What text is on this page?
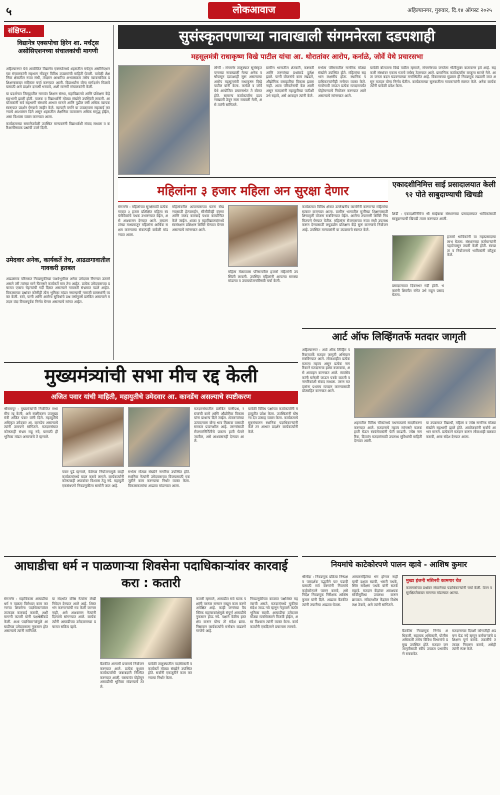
५	लोकआवाज	अहिल्यानगर, गुरुवार, दि.१४ ऑगस्ट २०२५
संक्षिप्त..
विद्यानेत्र एक्सपोचा हिरेन शा. मर्चंट्स असोसिएशनच्या संचालकांची मागणी

अहिल्यानगर येथे आयोजित विद्यानेत्र एक्सपोमध्ये शहरातील मर्चंट्स असोसिएशनच्या संचालकांनी सहभाग नोंदवून विविध उपक्रमांची माहिती घेतली. यावेळी शैक्षणिक क्षेत्रातील नव्या संधी, तंत्रज्ञान आधारित अभ्यासक्रम तसेच व्यावसायिक प्रशिक्षणाबाबत सविस्तर चर्चा करण्यात आली. विद्यार्थ्यांना योग्य मार्गदर्शन मिळावे यासाठी असे प्रदर्शन दरवर्षी भरवावे, अशी मागणी संचालकांनी केली.

या प्रदर्शनात जिल्ह्यातील नामवंत शिक्षण संस्था, महाविद्यालये आणि प्रशिक्षण केंद्रे सहभागी झाली होती. पालक व विद्यार्थ्यांनी मोठ्या संख्येने उपस्थिती लावली. आयोजकांनी सर्व सहभागी संस्थांचे आभार मानले आणि पुढील वर्षी अधिक व्यापक स्वरूपात प्रदर्शन घेण्याचे जाहीर केले. व्यापारी वर्गाने या उपक्रमाला सहकार्य करण्याचे आश्वासन दिले असून शहरातील शैक्षणिक वातावरण अधिक समृद्ध होईल, असा विश्वास व्यक्त करण्यात आला.

कार्यक्रमाच्या समारोपावेळी उपस्थित मान्यवरांनी विद्यार्थ्यांशी संवाद साधला व करिअरविषयक प्रश्नांची उत्तरे दिली.

उमेदवार अनेक, कार्यकर्ते तेच, आढळगावातील गावकरी हतबल

आढळगाव परिसरात निवडणुकीच्या पार्श्वभूमीवर अनेक उमेदवार रिंगणात उतरले असले तरी त्यांच्या मागे फिरणारे कार्यकर्ते मात्र तेच आहेत. प्रत्येक उमेदवाराच्या प्रचारात एकाच चेहऱ्यांची गर्दी दिसत असल्याने गावकरी संभ्रमात पडले आहेत. विकासाच्या प्रश्नांवर कोणीही ठोस भूमिका मांडत नसल्याची नाराजी ग्रामस्थांनी व्यक्त केली. रस्ते, पाणी आणि आरोग्य सुविधांचे प्रश्न वर्षानुवर्षे प्रलंबित असल्याने मतदार यंदा विचारपूर्वक निर्णय घेणार असल्याचे सांगत आहेत.

सुसंस्कृतपणाच्या नावाखाली संगमनेरला दडपशाही
महसूलमंत्री राधाकृष्ण विखे पाटील यांचा आ. थोरातांवर आरोप, कर्नाळे, जोर्वे येथे प्रचारसभा

लोणी : संगमनेर तालुक्यात सुसंस्कृतपणाच्या नावाखाली गेल्या अनेक वर्षांपासून दडपशाही सुरू असल्याचा आरोप महसूलमंत्री राधाकृष्ण विखे पाटील यांनी केला. कर्नाळे व जोर्वे येथे आयोजित प्रचारसभेत ते बोलत होते. सामान्य कार्यकर्त्यांना दडपणाखाली ठेवून सत्ता राबवली गेली, असे त्यांनी सांगितले.

ग्रामीण भागातील शेतकरी, कष्टकरी आणि तरुणांच्या प्रश्नांकडे दुर्लक्ष झाले. पाणी योजनांचे काम रखडले, औद्योगिक वसाहतीचा विकास झाला नाही. आता परिवर्तनाची वेळ आली असून मतदारांनी महायुतीच्या पाठीशी उभे राहावे, असे आवाहन त्यांनी केले.

सभेला परिसरातील नागरिक मोठ्या संख्येने उपस्थित होते. महिलांचा सहभाग लक्षणीय होता. स्थानिक पदाधिकाऱ्यांनीही मनोगत व्यक्त केले. गावोगावी जाऊन प्रत्येक मतदारापर्यंत पोहोचण्याचे नियोजन करण्यात आले असल्याचे सांगण्यात आले.

यावेळी बोलताना विखे पाटील म्हणाले, संगमनेरच्या जनतेला भीतीमुक्त वातावरण हवे आहे. सहकारी संस्थांवर एकाच गटाचे वर्चस्व ठेवण्यात आले. प्रामाणिक कार्यकर्त्यांना बाजूला सारले गेले. आता जनता बदल घडवण्याच्या मनःस्थितीत आहे. विकासाच्या मुद्यावर ही निवडणूक लढवली जात असून मतदार योग्य निर्णय घेतील. कार्यक्रमाच्या सुरुवातीला गावकऱ्यांनी स्वागत केले. अनेक कार्यकर्त्यांनी यावेळी प्रवेश केला.

महिलांना ३ हजार महिला अन सुरक्षा देणार

संगमनेर : महिलांच्या सुरक्षेसाठी प्रत्येक गावात ३ हजार प्रशिक्षित महिला स्वयंसेविकांचे पथक उभारण्यात येईल, असे आश्वासन देण्यात आले. बचतगटांच्या माध्यमातून महिलांना आर्थिक सक्षम करण्याचा संकल्पही यावेळी मांडण्यात आला.

महिलांवरील अत्याचाराच्या घटना रोखण्यासाठी हेल्पलाईन, सीसीटीव्ही यंत्रणा आणि जलद कारवाई पथक कार्यान्वित केले जाईल. शाळा व महाविद्यालयांमध्ये स्वसंरक्षण प्रशिक्षण शिबिरे घेण्यात येणार असल्याचे सांगण्यात आले.

महिला मेळाव्यास परिसरातील हजारो महिलांनी उपस्थिती लावली. उपस्थित महिलांनी आपल्या समस्या मांडल्या व उपाययोजनांविषयी चर्चा केली.

कार्यक्रमात विविध क्षेत्रात उल्लेखनीय कामगिरी करणाऱ्या महिलांचा सत्कार करण्यात आला. ग्रामीण भागातील मुलींच्या शिक्षणासाठी शिष्यवृत्ती योजना राबविण्यात येईल. आरोग्य तपासणी शिबिरे नियमितपणे घेण्यात येतील. महिलांना रोजगाराच्या नव्या संधी उपलब्ध करून देण्यासाठी लघुउद्योग प्रशिक्षण केंद्रे सुरू करण्याचे नियोजन आहे. उपस्थित मान्यवरांनी या उपक्रमाचे स्वागत केले.

एकादशीनिमित्त साई प्रसादालयात केली ९२ पोते साबुदाण्याची खिचडी

शिर्डी : एकादशीनिमित्त श्री साईबाबा संस्थानच्या प्रसादालयात भाविकांसाठी साबुदाण्याची खिचडी तयार करण्यात आली.

हजारो भाविकांनी या महाप्रसादाचा लाभ घेतला. संस्थानच्या कर्मचाऱ्यांनी पहाटेपासून तयारी केली होती. स्वच्छता व नियोजनाचे भाविकांनी कौतुक केले.

प्रसादालयात दिवसभर गर्दी होती. भक्तांनी शिस्तीत रांगेत उभे राहून प्रसाद घेतला.

आर्ट ऑफ लिव्हिंगतर्फे मतदार जागृती

अहिल्यानगर : आर्ट ऑफ लिव्हिंग परिवारातर्फे मतदार जागृती अभियान राबविण्यात आले. लोकशाहीत प्रत्येक मताला महत्त्व असून प्रत्येक नागरिकाने मतदानाचा हक्क बजावावा, असे आवाहन करण्यात आले. स्वयंसेवकांनी घरोघरी जाऊन पत्रके वाटली व नागरिकांशी संवाद साधला. तरुण मतदारांना प्रथमच मतदान करण्यासाठी प्रोत्साहित करण्यात आले.

शहरातील विविध चौकांमध्ये पथनाट्याचे सादरीकरण करण्यात आले. मतदानाचे महत्त्व सांगणारे फलक हाती घेऊन स्वयंसेवकांनी फेरी काढली. ज्येष्ठ नागरिक, दिव्यांग मतदारांसाठी उपलब्ध सुविधांची माहिती देण्यात आली.

या उपक्रमात विद्यार्थी, महिला व ज्येष्ठ नागरिक मोठ्या संख्येने सहभागी झाले होते. आयोजकांनी सर्वांचे आभार मानले. प्रत्येकाने मतदान करून लोकशाही बळकट करावी, असा संदेश देण्यात आला.

मुख्यमंत्र्यांची सभा मीच रद्द केली
अजित पवार यांची माहिती, महायुतीचे उमेदवार आ. कानडेंच असल्याचे स्पष्टीकरण

श्रीरामपूर : मुख्यमंत्र्यांची नियोजित सभा मीच रद्द केली, असे स्पष्टीकरण उपमुख्यमंत्री अजित पवार यांनी दिले. महायुतीचे अधिकृत उमेदवार आ. कानडेच असल्याचे त्यांनी ठामपणे सांगितले. मतदारसंघात कोणताही संभ्रम राहू नये, यासाठी ही भूमिका मांडत असल्याचे ते म्हणाले.

पवार पुढे म्हणाले, वेळेच्या नियोजनामुळे काही कार्यक्रमांमध्ये बदल करावे लागले. कार्यकर्त्यांनी कोणत्याही अफवांवर विश्वास ठेवू नये. महायुती एकसंधपणे निवडणुकीला सामोरी जात आहे.

सभेला मोठ्या संख्येने नागरिक उपस्थित होते. स्थानिक नेत्यांनी उमेदवाराच्या विजयासाठी एकजुटीने काम करण्याचा निर्धार व्यक्त केला. विकासकामांचा आढावा मांडण्यात आला.

मतदारसंघातील प्रलंबित पाणीप्रश्न, रस्त्यांची कामे आणि औद्योगिक विकास यांना प्राधान्य दिले जाईल. शेतकऱ्यांच्या उत्पादनाला योग्य भाव मिळावा यासाठी सरकार प्रयत्नशील आहे. तरुणांसाठी रोजगारनिर्मितीचे प्रकल्प हाती घेतले जातील, असे आश्वासनही देण्यात आले.

यावेळी विविध पक्षांच्या कार्यकर्त्यांनी महायुतीत प्रवेश केला. उपस्थितांनी घोषणा देत उत्साह व्यक्त केला. कार्यक्रमाचे सूत्रसंचालन स्थानिक पदाधिकाऱ्यांनी केले तर आभार प्रदर्शन कार्यकर्त्यांनी केले.

आघाडीचा धर्म न पाळणाऱ्या शिवसेना पदाधिकाऱ्यांवर कारवाई करा : कतारी

संगमनेर : महाविकास आघाडीचा धर्म न पाळता विरोधात काम करणाऱ्या शिवसेना पदाधिकाऱ्यांवर तात्काळ कारवाई करावी, अशी मागणी कतारी यांनी पक्षश्रेष्ठींकडे केली. अशा पदाधिकाऱ्यांमुळे आघाडीच्या उमेदवाराला नुकसान होत असल्याचे त्यांनी सांगितले.

या संदर्भात वरिष्ठ नेत्यांना लेखी निवेदन देण्यात आले आहे. शिस्तभंग करणाऱ्यांची गय केली जाणार नाही, असे आश्वासन नेत्यांनी दिल्याचे सांगण्यात आले. कार्यकर्त्यांनी आघाडीच्या उमेदवाराच्या प्रचारात सक्रिय व्हावे.

बैठकीत आगामी प्रचाराचे नियोजन करण्यात आले. प्रत्येक बूथवर कार्यकर्त्यांची जबाबदारी निश्चित करण्यात आली. घराघरांत पोहोचून आघाडीची भूमिका मांडण्याचे ठरले.

यावेळी तालुक्यातील पदाधिकारी व कार्यकर्ते मोठ्या संख्येने उपस्थित होते. सर्वांनी एकजुटीने काम करण्याचा निर्धार केला.

कतारी म्हणाले, आघाडीत सर्व घटक पक्षांनी परस्पर सन्मान राखून काम करणे अपेक्षित आहे. काही जणांच्या वैयक्तिक महत्त्वाकांक्षेमुळे संपूर्ण आघाडीचे नुकसान होऊ नये. पक्षाने वेळीच हस्तक्षेप करून योग्य तो संदेश द्यावा. निष्ठावान कार्यकर्त्यांचे मनोबल वाढवणे गरजेचे आहे.

निवडणुकीच्या काळात पक्षशिस्त महत्त्वाची असते. मतदारांमध्ये चुकीचा संदेश जाऊ नये म्हणून नेतृत्वाने कठोर भूमिका घ्यावी. आघाडीचा उमेदवार मोठ्या मताधिक्याने विजयी होईल, असा विश्वास त्यांनी व्यक्त केला. कार्यकर्त्यांनी एकदिलाने प्रचाराला लागावे.

नियमांचे काटेकोरपणे पालन व्हावे - आशिष कुमार

श्रीगोंदा : निवडणूक प्रक्रिया निष्पक्ष व पारदर्शक पद्धतीने पार पडावी यासाठी सर्व यंत्रणांनी नियमांचे काटेकोरपणे पालन करावे, असे निर्देश निवडणूक निरीक्षक आशिष कुमार यांनी दिले. आढावा बैठकीत त्यांनी तयारीचा आढावा घेतला.

आचारसंहितेचा भंग होणार नाही याची दक्षता घ्यावी. भरारी पथके, स्थिर सर्वेक्षण पथके यांनी सतर्क राहावे. मतदान केंद्रांवर आवश्यक सोयीसुविधा उपलब्ध करून द्याव्यात. संवेदनशील केंद्रांवर विशेष लक्ष ठेवावे, असे त्यांनी सांगितले.

मुख्य इंजनी मशिनरी कामगार चेत

कामगारांच्या प्रश्नांवर संघटनेच्या पदाधिकाऱ्यांनी चर्चा केली. वेतन व सुरक्षिततेबाबत मागण्या मांडण्यात आल्या.

बैठकीस निवडणूक निर्णय अधिकारी, सहायक अधिकारी, पोलीस अधिकारी तसेच विविध विभागांचे प्रमुख उपस्थित होते. मतदार जनजागृतीसाठी स्वीप उपक्रम प्रभावीपणे राबवावेत.

मतदानाच्या दिवशी कोणतीही अडचण येऊ नये म्हणून कर्मचाऱ्यांचे प्रशिक्षण पूर्ण करावे. तक्रारींचे तत्काळ निवारण करावे, असेही त्यांनी स्पष्ट केले.
